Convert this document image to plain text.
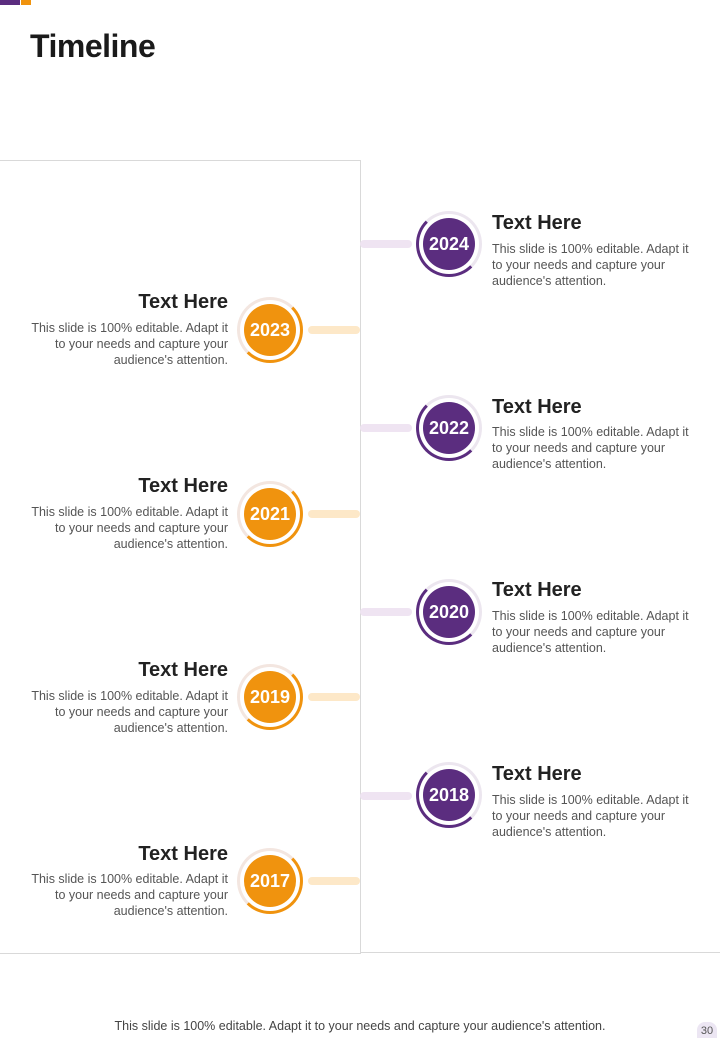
Timeline
2024
Text Here
This slide is 100% editable. Adapt it to your needs and capture your audience's attention.
2023
Text Here
This slide is 100% editable. Adapt it to your needs and capture your audience's attention.
2022
Text Here
This slide is 100% editable. Adapt it to your needs and capture your audience's attention.
2021
Text Here
This slide is 100% editable. Adapt it to your needs and capture your audience's attention.
2020
Text Here
This slide is 100% editable. Adapt it to your needs and capture your audience's attention.
2019
Text Here
This slide is 100% editable. Adapt it to your needs and capture your audience's attention.
2018
Text Here
This slide is 100% editable. Adapt it to your needs and capture your audience's attention.
2017
Text Here
This slide is 100% editable. Adapt it to your needs and capture your audience's attention.
This slide is 100% editable. Adapt it to your needs and capture your audience's attention.	30
